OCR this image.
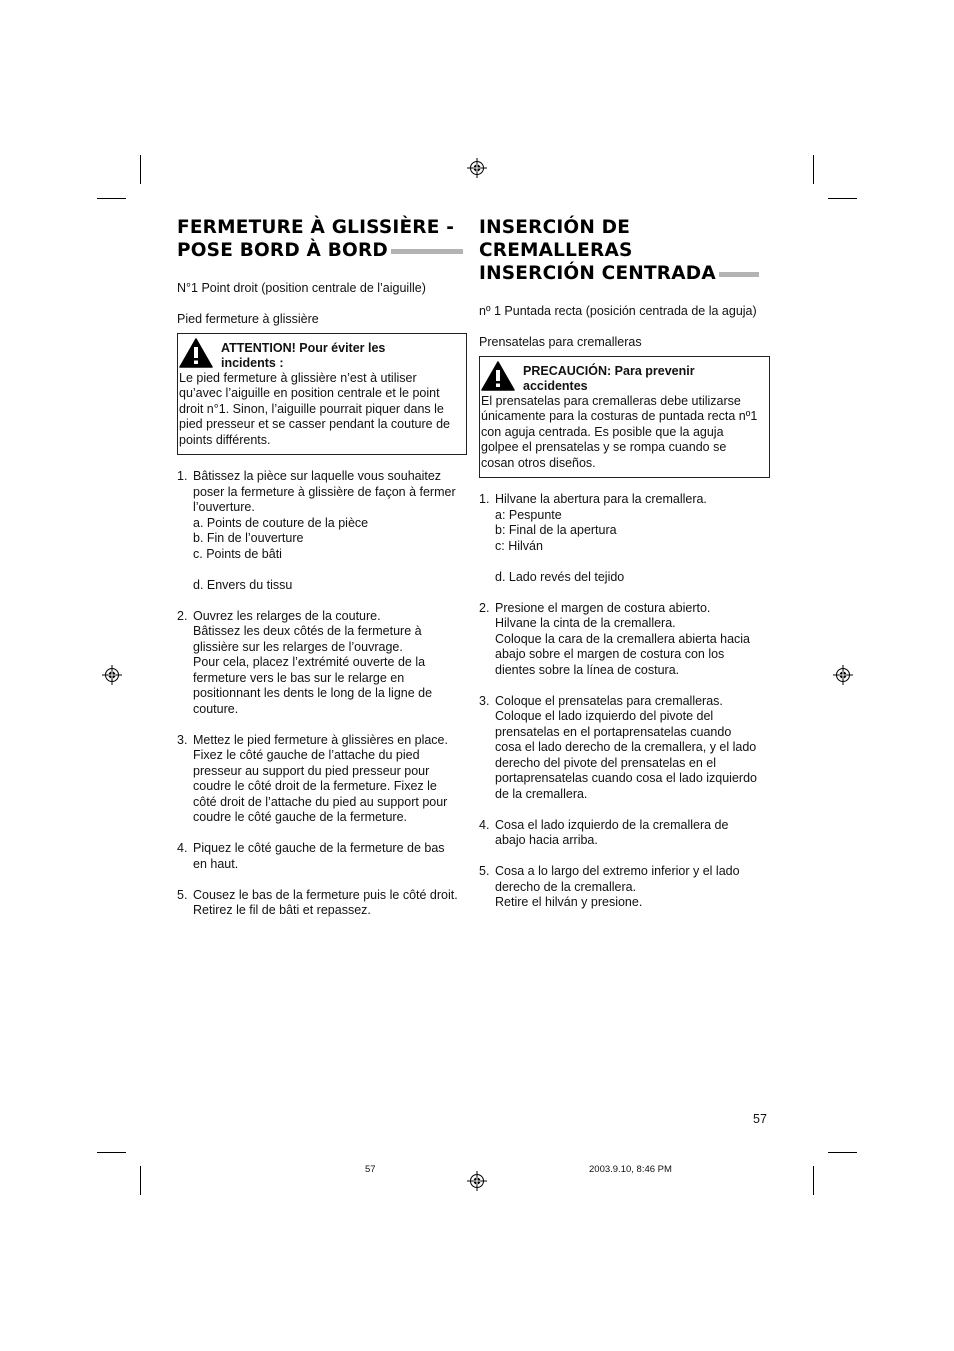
FERMETURE À GLISSIÈRE -
POSE BORD À BORD

N°1 Point droit (position centrale de l’aiguille)

Pied fermeture à glissière

ATTENTION! Pour éviter les
incidents :
Le pied fermeture à glissière n’est à utiliser
qu’avec l’aiguille en position centrale et le point
droit n°1. Sinon, l’aiguille pourrait piquer dans le
pied presseur et se casser pendant la couture de
points différents.
1. Bâtissez la pièce sur laquelle vous souhaitez
poser la fermeture à glissière de façon à fermer
l’ouverture.
a. Points de couture de la pièce
b. Fin de l’ouverture
c. Points de bâti
d. Envers du tissu
2. Ouvrez les relarges de la couture.
Bâtissez les deux côtés de la fermeture à
glissière sur les relarges de l’ouvrage.
Pour cela, placez l’extrémité ouverte de la
fermeture vers le bas sur le relarge en
positionnant les dents le long de la ligne de
couture.
3. Mettez le pied fermeture à glissières en place.
Fixez le côté gauche de l’attache du pied
presseur au support du pied presseur pour
coudre le côté droit de la fermeture. Fixez le
côté droit de l’attache du pied au support pour
coudre le côté gauche de la fermeture.
4. Piquez le côté gauche de la fermeture de bas
en haut.
5. Cousez le bas de la fermeture puis le côté droit.
Retirez le fil de bâti et repassez.
INSERCIÓN DE
CREMALLERAS
INSERCIÓN CENTRADA

nº 1 Puntada recta (posición centrada de la aguja)

Prensatelas para cremalleras

PRECAUCIÓN: Para prevenir
accidentes
El prensatelas para cremalleras debe utilizarse
únicamente para la costuras de puntada recta nº1
con aguja centrada. Es posible que la aguja
golpee el prensatelas y se rompa cuando se
cosan otros diseños.
1. Hilvane la abertura para la cremallera.
a: Pespunte
b: Final de la apertura
c: Hilván
d. Lado revés del tejido
2. Presione el margen de costura abierto.
Hilvane la cinta de la cremallera.
Coloque la cara de la cremallera abierta hacia
abajo sobre el margen de costura con los
dientes sobre la línea de costura.
3. Coloque el prensatelas para cremalleras.
Coloque el lado izquierdo del pivote del
prensatelas en el portaprensatelas cuando
cosa el lado derecho de la cremallera, y el lado
derecho del pivote del prensatelas en el
portaprensatelas cuando cosa el lado izquierdo
de la cremallera.
4. Cosa el lado izquierdo de la cremallera de
abajo hacia arriba.
5. Cosa a lo largo del extremo inferior y el lado
derecho de la cremallera.
Retire el hilván y presione.
57
57	2003.9.10, 8:46 PM
